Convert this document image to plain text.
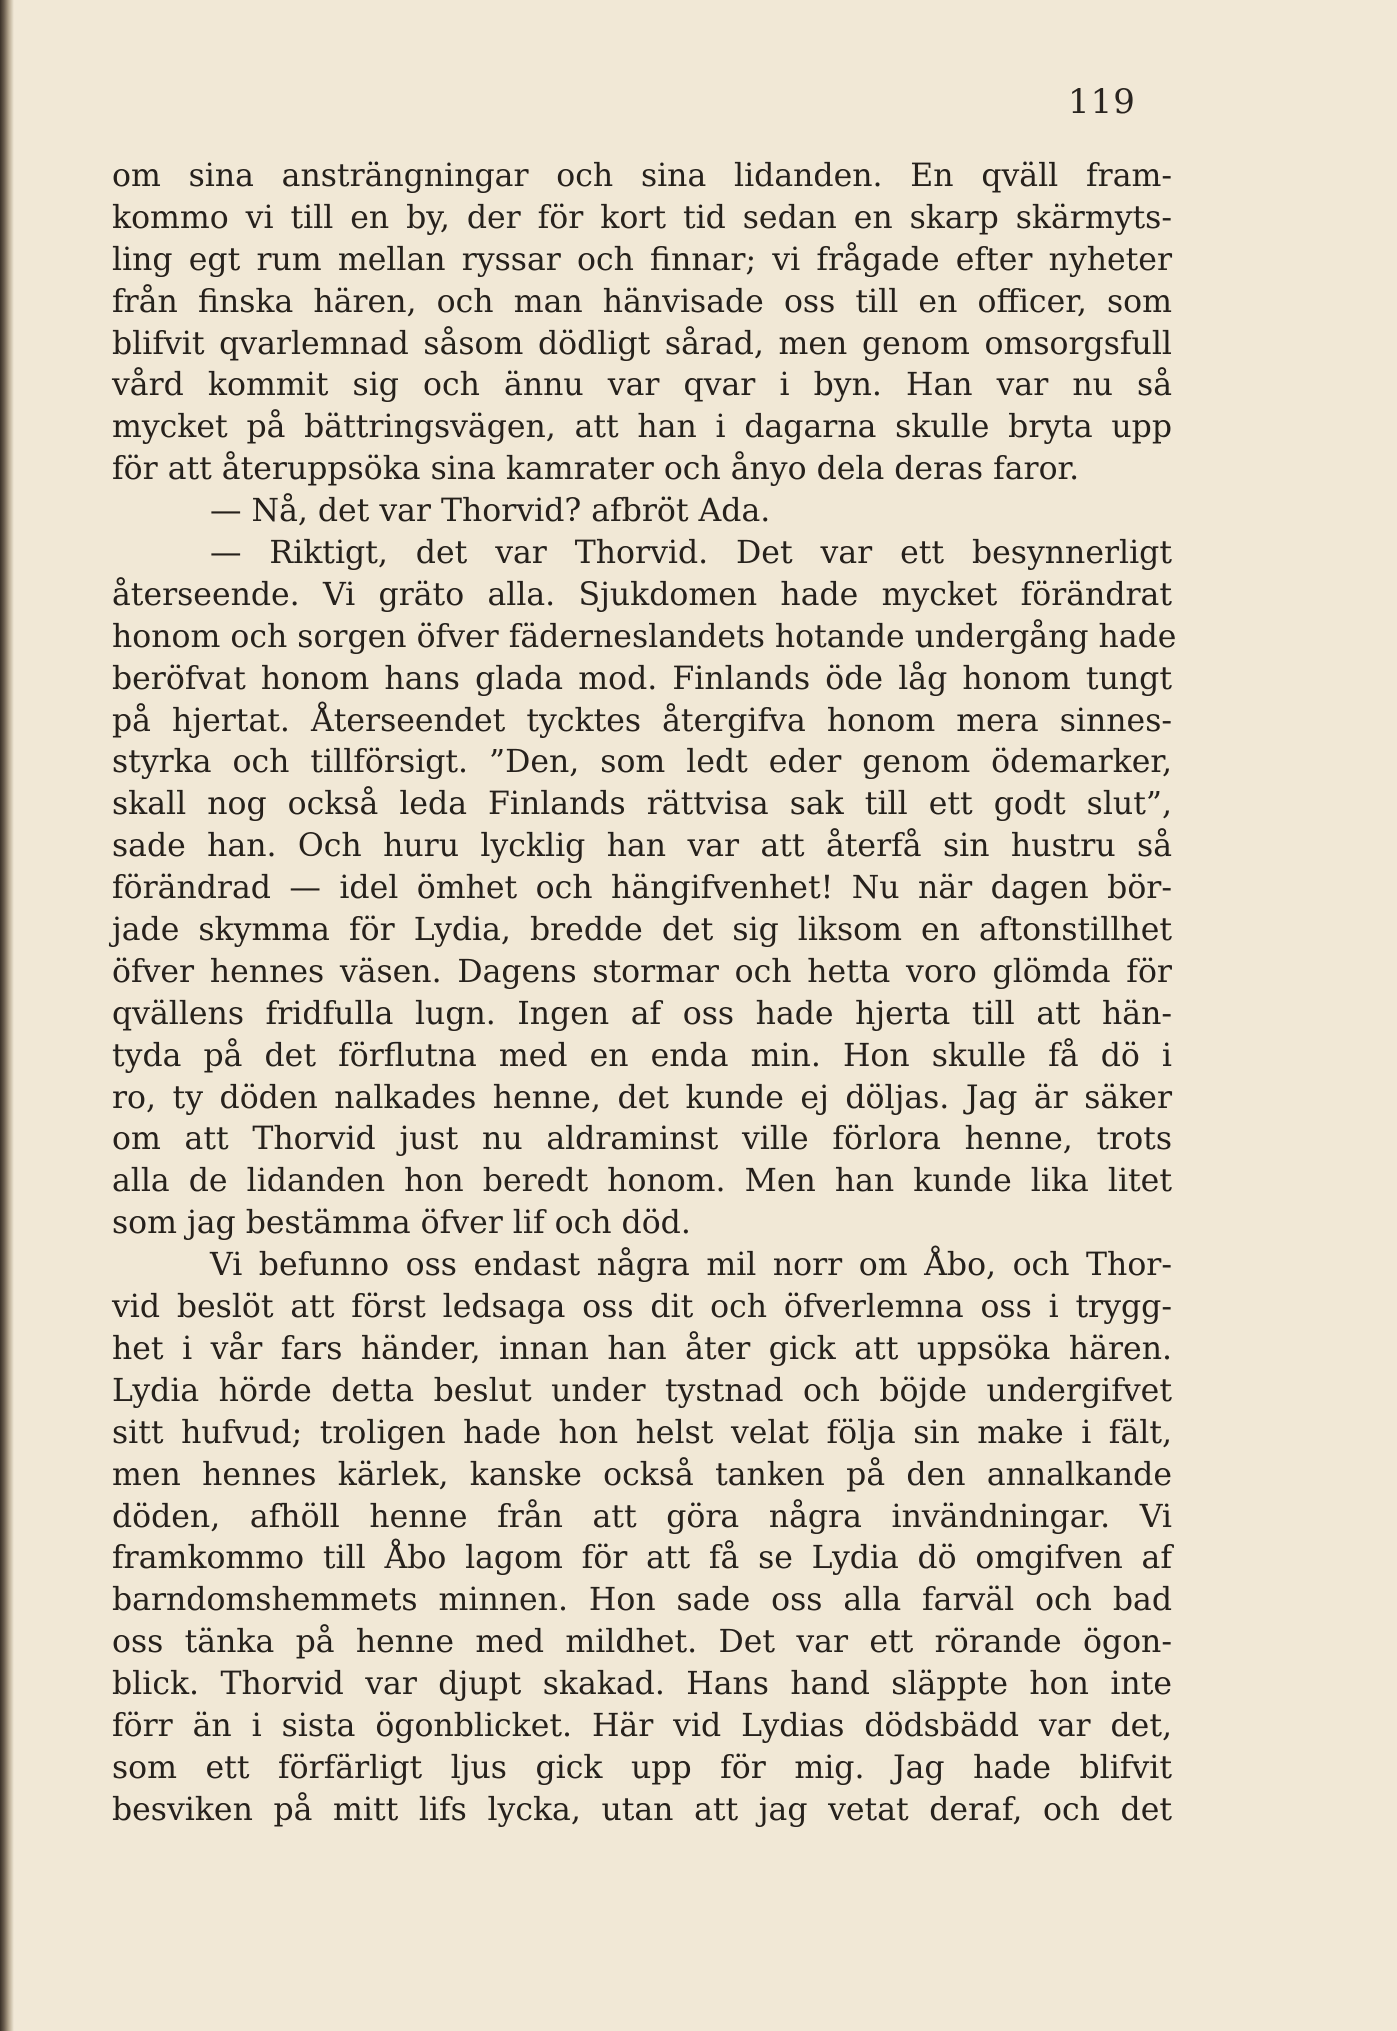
119
om sina ansträngningar och sina lidanden. En qväll fram-
kommo vi till en by, der för kort tid sedan en skarp skärmyts-
ling egt rum mellan ryssar och finnar; vi frågade efter nyheter
från finska hären, och man hänvisade oss till en officer, som
blifvit qvarlemnad såsom dödligt sårad, men genom omsorgsfull
vård kommit sig och ännu var qvar i byn. Han var nu så
mycket på bättringsvägen, att han i dagarna skulle bryta upp
för att återuppsöka sina kamrater och ånyo dela deras faror.
— Nå, det var Thorvid? afbröt Ada.
— Riktigt, det var Thorvid. Det var ett besynnerligt
återseende. Vi gräto alla. Sjukdomen hade mycket förändrat
honom och sorgen öfver fäderneslandets hotande undergång hade
beröfvat honom hans glada mod. Finlands öde låg honom tungt
på hjertat. Återseendet tycktes återgifva honom mera sinnes-
styrka och tillförsigt. ”Den, som ledt eder genom ödemarker,
skall nog också leda Finlands rättvisa sak till ett godt slut”,
sade han. Och huru lycklig han var att återfå sin hustru så
förändrad — idel ömhet och hängifvenhet! Nu när dagen bör-
jade skymma för Lydia, bredde det sig liksom en aftonstillhet
öfver hennes väsen. Dagens stormar och hetta voro glömda för
qvällens fridfulla lugn. Ingen af oss hade hjerta till att hän-
tyda på det förflutna med en enda min. Hon skulle få dö i
ro, ty döden nalkades henne, det kunde ej döljas. Jag är säker
om att Thorvid just nu aldraminst ville förlora henne, trots
alla de lidanden hon beredt honom. Men han kunde lika litet
som jag bestämma öfver lif och död.
Vi befunno oss endast några mil norr om Åbo, och Thor-
vid beslöt att först ledsaga oss dit och öfverlemna oss i trygg-
het i vår fars händer, innan han åter gick att uppsöka hären.
Lydia hörde detta beslut under tystnad och böjde undergifvet
sitt hufvud; troligen hade hon helst velat följa sin make i fält,
men hennes kärlek, kanske också tanken på den annalkande
döden, afhöll henne från att göra några invändningar. Vi
framkommo till Åbo lagom för att få se Lydia dö omgifven af
barndomshemmets minnen. Hon sade oss alla farväl och bad
oss tänka på henne med mildhet. Det var ett rörande ögon-
blick. Thorvid var djupt skakad. Hans hand släppte hon inte
förr än i sista ögonblicket. Här vid Lydias dödsbädd var det,
som ett förfärligt ljus gick upp för mig. Jag hade blifvit
besviken på mitt lifs lycka, utan att jag vetat deraf, och det
